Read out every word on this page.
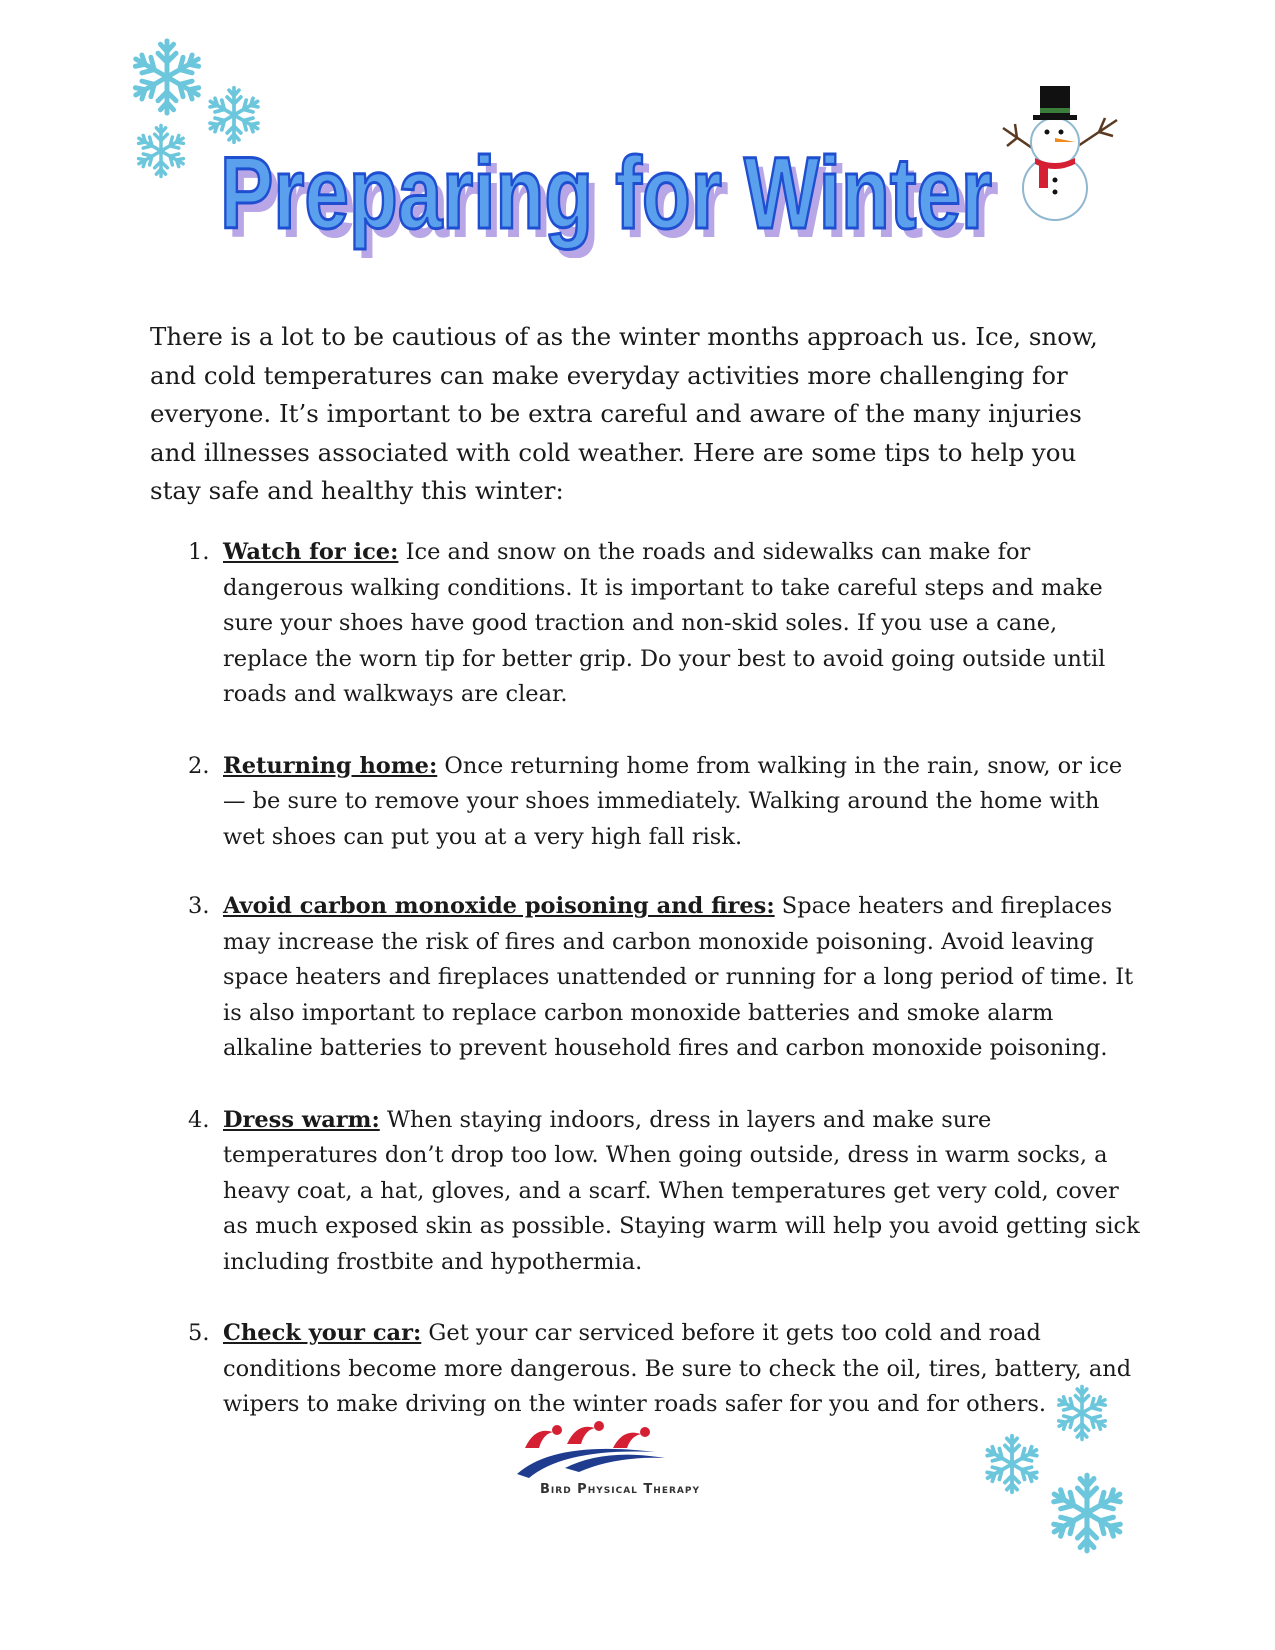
Preparing for Winter
Preparing for Winter

There is a lot to be cautious of as the winter months approach us. Ice, snow, and cold temperatures can make everyday activities more challenging for everyone. It’s important to be extra careful and aware of the many injuries and illnesses associated with cold weather. Here are some tips to help you stay safe and healthy this winter:

1. Watch for ice: Ice and snow on the roads and sidewalks can make for dangerous walking conditions. It is important to take careful steps and make sure your shoes have good traction and non-skid soles. If you use a cane, replace the worn tip for better grip. Do your best to avoid going outside until roads and walkways are clear.
2. Returning home: Once returning home from walking in the rain, snow, or ice — be sure to remove your shoes immediately. Walking around the home with wet shoes can put you at a very high fall risk.
3. Avoid carbon monoxide poisoning and fires: Space heaters and fireplaces may increase the risk of fires and carbon monoxide poisoning. Avoid leaving space heaters and fireplaces unattended or running for a long period of time. It is also important to replace carbon monoxide batteries and smoke alarm alkaline batteries to prevent household fires and carbon monoxide poisoning.
4. Dress warm: When staying indoors, dress in layers and make sure temperatures don’t drop too low. When going outside, dress in warm socks, a heavy coat, a hat, gloves, and a scarf. When temperatures get very cold, cover as much exposed skin as possible. Staying warm will help you avoid getting sick including frostbite and hypothermia.
5. Check your car: Get your car serviced before it gets too cold and road conditions become more dangerous. Be sure to check the oil, tires, battery, and wipers to make driving on the winter roads safer for you and for others.
Bird Physical Therapy
